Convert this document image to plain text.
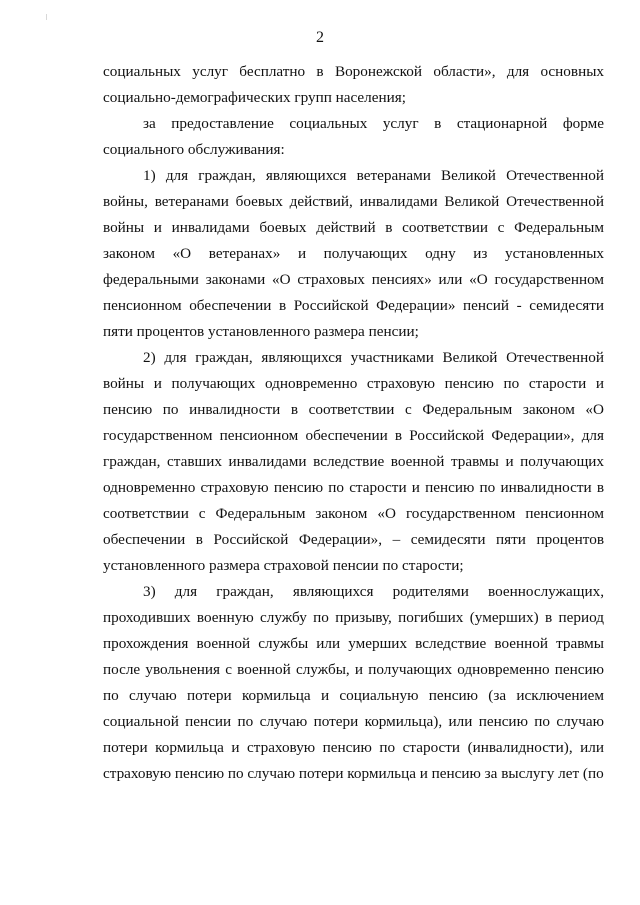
2

социальных услуг бесплатно в Воронежской области», для основных социально-демографических групп населения;

за предоставление социальных услуг в стационарной форме социального обслуживания:

1) для граждан, являющихся ветеранами Великой Отечественной войны, ветеранами боевых действий, инвалидами Великой Отечественной войны и инвалидами боевых действий в соответствии с Федеральным законом «О ветеранах» и получающих одну из установленных федеральными законами «О страховых пенсиях» или «О государственном пенсионном обеспечении в Российской Федерации» пенсий - семидесяти пяти процентов установленного размера пенсии;

2) для граждан, являющихся участниками Великой Отечественной войны и получающих одновременно страховую пенсию по старости и пенсию по инвалидности в соответствии с Федеральным законом «О государственном пенсионном обеспечении в Российской Федерации», для граждан, ставших инвалидами вследствие военной травмы и получающих одновременно страховую пенсию по старости и пенсию по инвалидности в соответствии с Федеральным законом «О государственном пенсионном обеспечении в Российской Федерации», – семидесяти пяти процентов установленного размера страховой пенсии по старости;

3) для граждан, являющихся родителями военнослужащих, проходивших военную службу по призыву, погибших (умерших) в период прохождения военной службы или умерших вследствие военной травмы после увольнения с военной службы, и получающих одновременно пенсию по случаю потери кормильца и социальную пенсию (за исключением социальной пенсии по случаю потери кормильца), или пенсию по случаю потери кормильца и страховую пенсию по старости (инвалидности), или страховую пенсию по случаю потери кормильца и пенсию за выслугу лет (по
